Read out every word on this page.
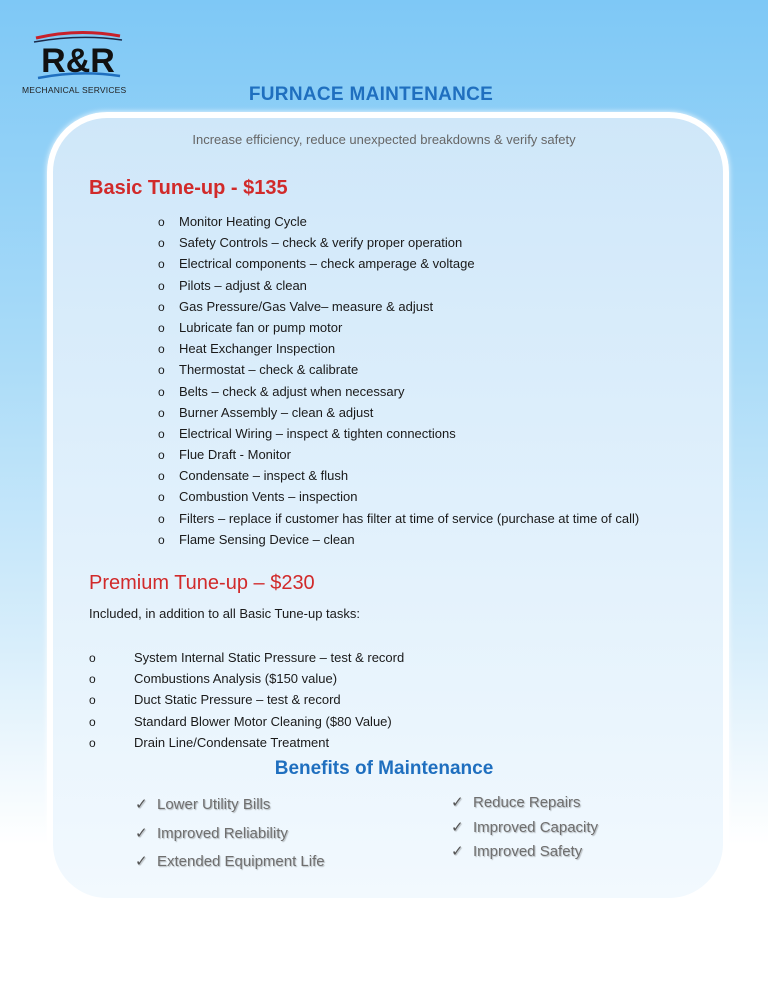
R&R
MECHANICAL SERVICES	FURNACE MAINTENANCE
Increase efficiency, reduce unexpected breakdowns & verify safety
Basic Tune-up - $135
o Monitor Heating Cycle
o Safety Controls – check & verify proper operation
o Electrical components – check amperage & voltage
o Pilots – adjust & clean
o Gas Pressure/Gas Valve– measure & adjust
o Lubricate fan or pump motor
o Heat Exchanger Inspection
o Thermostat – check & calibrate
o Belts – check & adjust when necessary
o Burner Assembly – clean & adjust
o Electrical Wiring – inspect & tighten connections
o Flue Draft - Monitor
o Condensate – inspect & flush
o Combustion Vents – inspection
o Filters – replace if customer has filter at time of service (purchase at time of call)
o Flame Sensing Device – clean
Premium Tune-up – $230
Included, in addition to all Basic Tune-up tasks:
o	System Internal Static Pressure – test & record
o	Combustions Analysis ($150 value)
o	Duct Static Pressure – test & record
o	Standard Blower Motor Cleaning ($80 Value)
o	Drain Line/Condensate Treatment
Benefits of Maintenance
✓ Lower Utility Bills
✓ Improved Reliability
✓ Extended Equipment Life
✓ Reduce Repairs
✓ Improved Capacity
✓ Improved Safety
